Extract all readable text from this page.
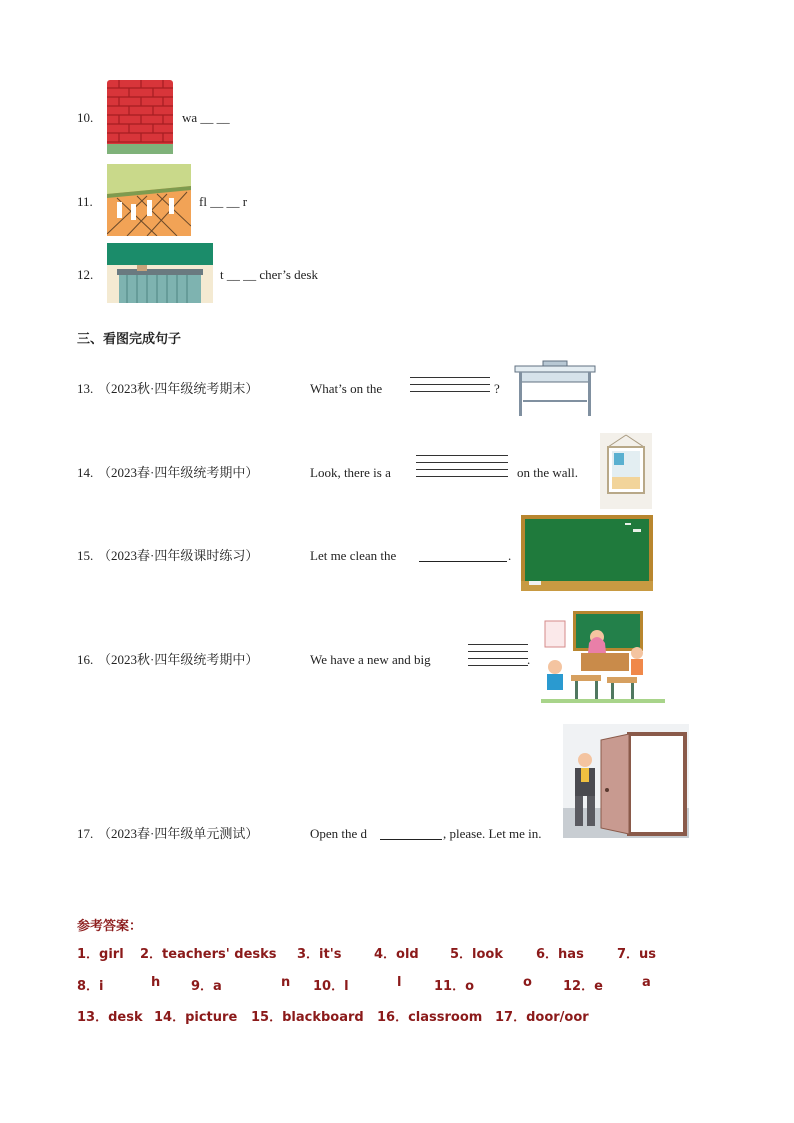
10.	wa __ __
11.	fl __ __ r
12.	t __ __ cher’s desk
三、看图完成句子
13. （2023秋·四年级统考期末）	What’s on the	?
14. （2023春·四年级统考期中）	Look, there is a	on the wall.
15. （2023春·四年级课时练习）	Let me clean the	.
16. （2023秋·四年级统考期中）	We have a new and big	.
17. （2023春·四年级单元测试）	Open the d	, please. Let me in.
参考答案：
1．girl 2．teachers' desks 3．it's	4．old 5．look	6．has	7．us
8．i	h 9．a	n 10．l	l	11．o	o 12．e	a
13．desk 14．picture 15．blackboard 16．classroom 17．door/oor
